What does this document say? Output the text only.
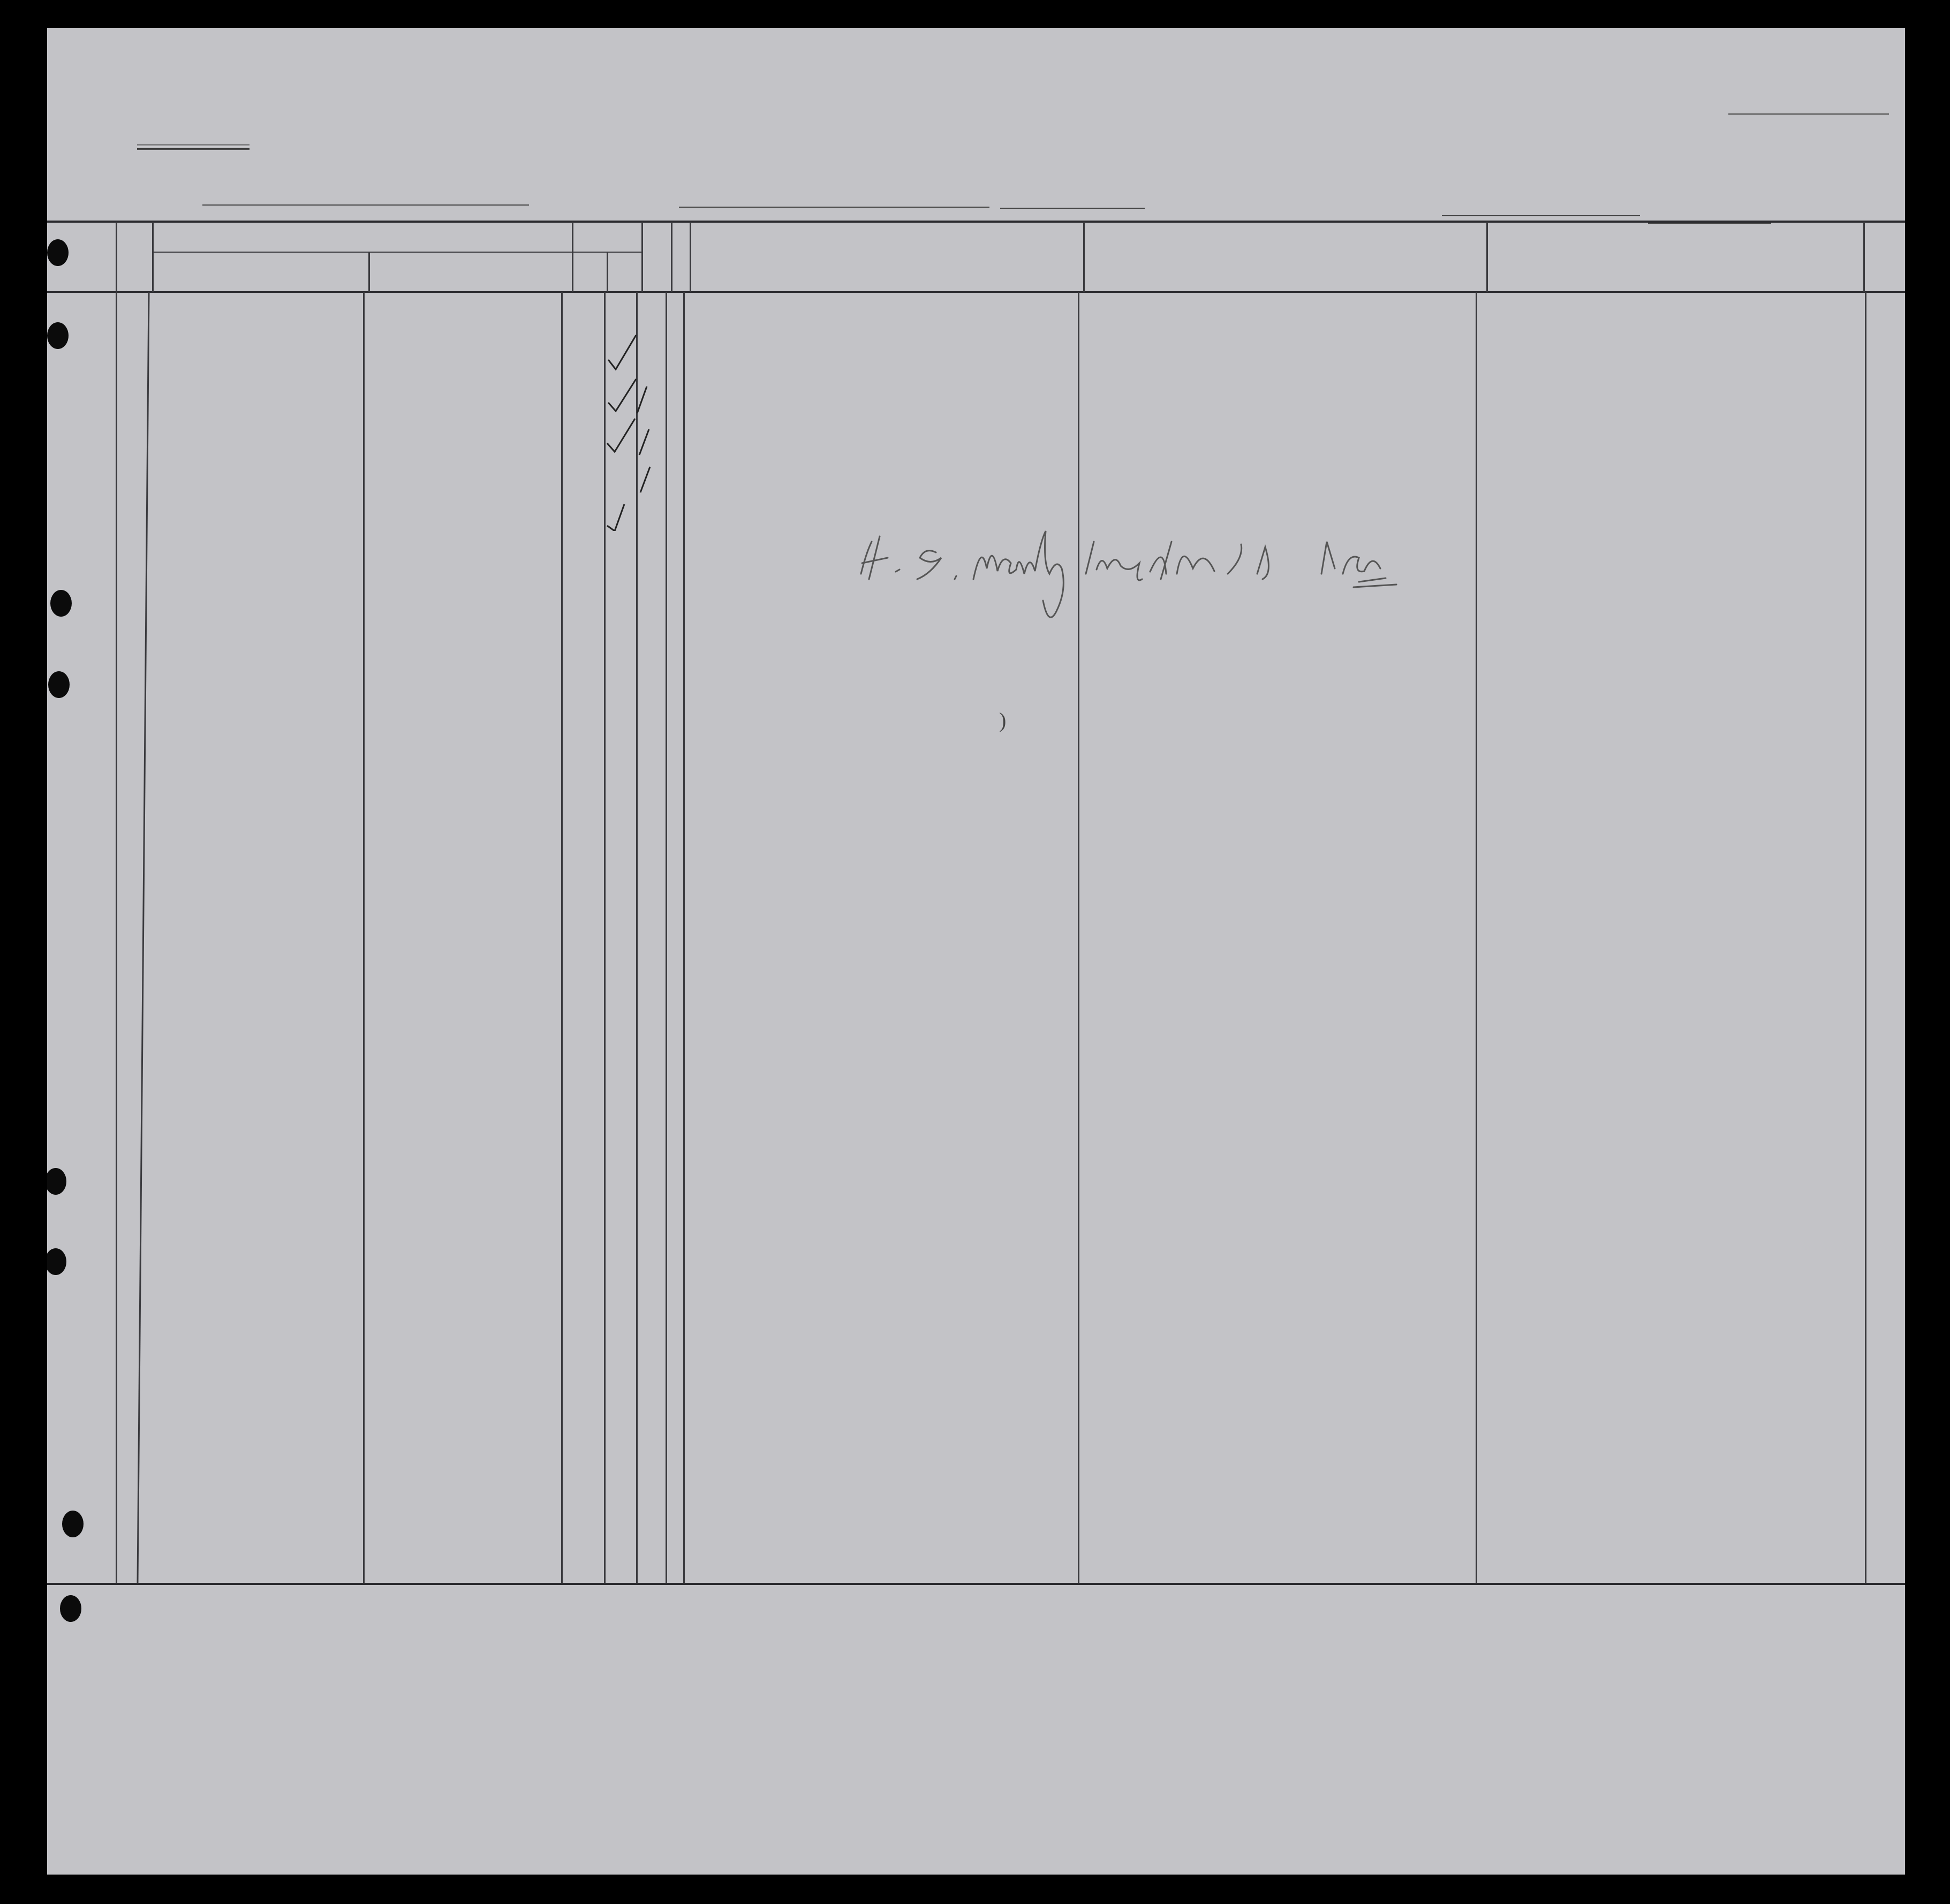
)
